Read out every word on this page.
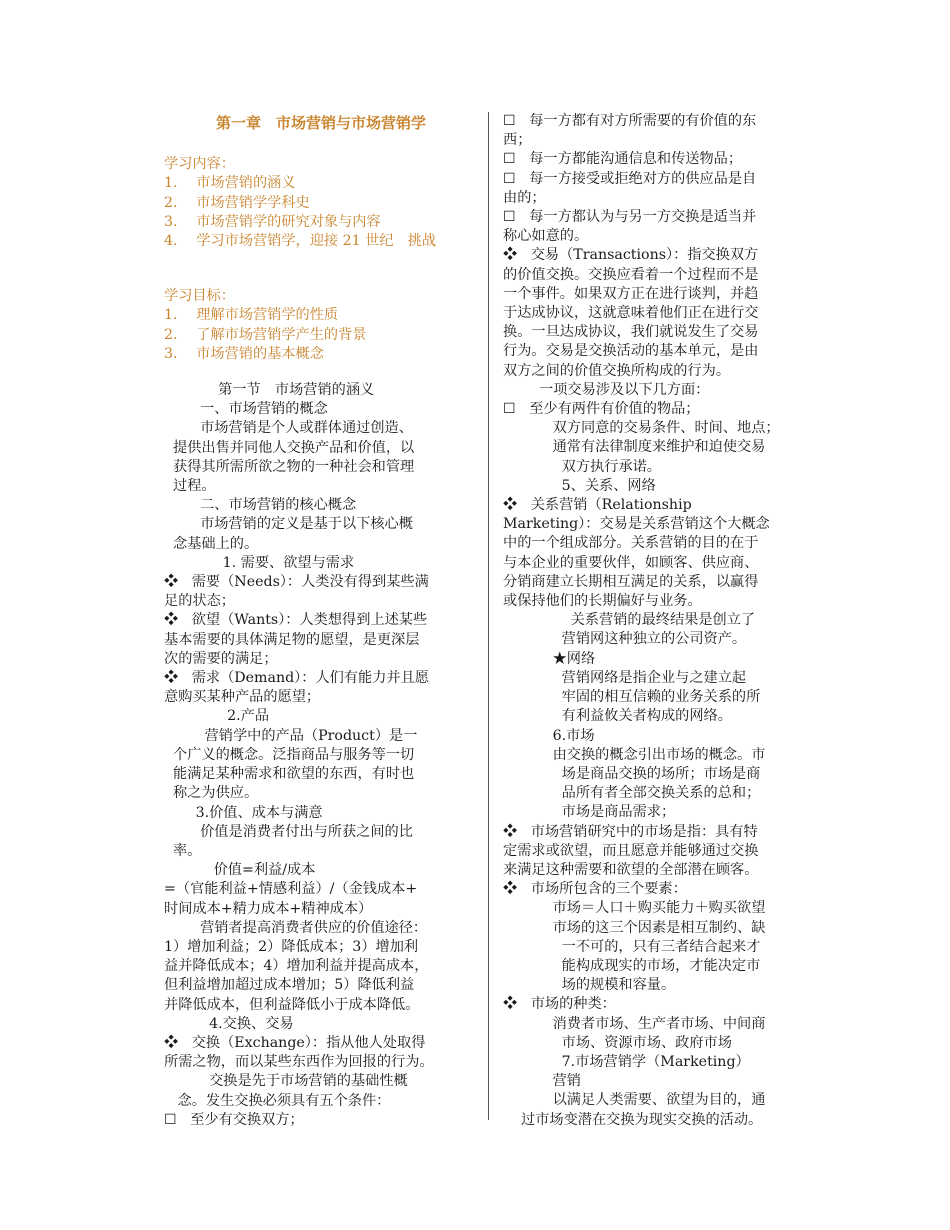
第一章　市场营销与市场营销学
学习内容：
1.　 市场营销的涵义
2.　 市场营销学学科史
3.　 市场营销学的研究对象与内容
4.　 学习市场营销学，迎接 21 世纪　挑战
学习目标：
1.　 理解市场营销学的性质
2.　 了解市场营销学产生的背景
3.　 市场营销的基本概念
第一节　市场营销的涵义
一、市场营销的概念
市场营销是个人或群体通过创造、
提供出售并同他人交换产品和价值，以
获得其所需所欲之物的一种社会和管理
过程。
二、市场营销的核心概念
市场营销的定义是基于以下核心概
念基础上的。
1. 需要、欲望与需求
❖   需要（Needs）：人类没有得到某些满
足的状态；
❖   欲望（Wants）：人类想得到上述某些
基本需要的具体满足物的愿望，是更深层
次的需要的满足；
❖   需求（Demand）：人们有能力并且愿
意购买某种产品的愿望；
2.产品
营销学中的产品（Product）是一
个广义的概念。泛指商品与服务等一切
能满足某种需求和欲望的东西，有时也
称之为供应。
3.价值、成本与满意
价值是消费者付出与所获之间的比
率。
价值=利益/成本
=（官能利益+情感利益）/（金钱成本+
时间成本+精力成本+精神成本）
营销者提高消费者供应的价值途径：
1）增加利益；2）降低成本；3）增加利
益并降低成本；4）增加利益并提高成本，
但利益增加超过成本增加；5）降低利益
并降低成本，但利益降低小于成本降低。
4.交换、交易
❖   交换（Exchange）：指从他人处取得
所需之物，而以某些东西作为回报的行为。
交换是先于市场营销的基础性概
念。发生交换必须具有五个条件：
☐   至少有交换双方；
☐   每一方都有对方所需要的有价值的东
西；
☐   每一方都能沟通信息和传送物品；
☐   每一方接受或拒绝对方的供应品是自
由的；
☐   每一方都认为与另一方交换是适当并
称心如意的。
❖   交易（Transactions）：指交换双方
的价值交换。交换应看着一个过程而不是
一个事件。如果双方正在进行谈判，并趋
于达成协议，这就意味着他们正在进行交
换。一旦达成协议，我们就说发生了交易
行为。交易是交换活动的基本单元，是由
双方之间的价值交换所构成的行为。
一项交易涉及以下几方面：
☐   至少有两件有价值的物品；
双方同意的交易条件、时间、地点；
通常有法律制度来维护和迫使交易
双方执行承诺。
5、关系、网络
❖   关系营销（Relationship
Marketing）：交易是关系营销这个大概念
中的一个组成部分。关系营销的目的在于
与本企业的重要伙伴，如顾客、供应商、
分销商建立长期相互满足的关系，以赢得
或保持他们的长期偏好与业务。
关系营销的最终结果是创立了
营销网这种独立的公司资产。
★网络
营销网络是指企业与之建立起
牢固的相互信赖的业务关系的所
有利益攸关者构成的网络。
6.市场
由交换的概念引出市场的概念。市
场是商品交换的场所；市场是商
品所有者全部交换关系的总和；
市场是商品需求；
❖   市场营销研究中的市场是指：具有特
定需求或欲望，而且愿意并能够通过交换
来满足这种需要和欲望的全部潜在顾客。
❖   市场所包含的三个要素：
市场＝人口＋购买能力＋购买欲望
市场的这三个因素是相互制约、缺
一不可的，只有三者结合起来才
能构成现实的市场，才能决定市
场的规模和容量。
❖   市场的种类：
消费者市场、生产者市场、中间商
市场、资源市场、政府市场
7.市场营销学（Marketing）
营销
以满足人类需要、欲望为目的，通
过市场变潜在交换为现实交换的活动。
